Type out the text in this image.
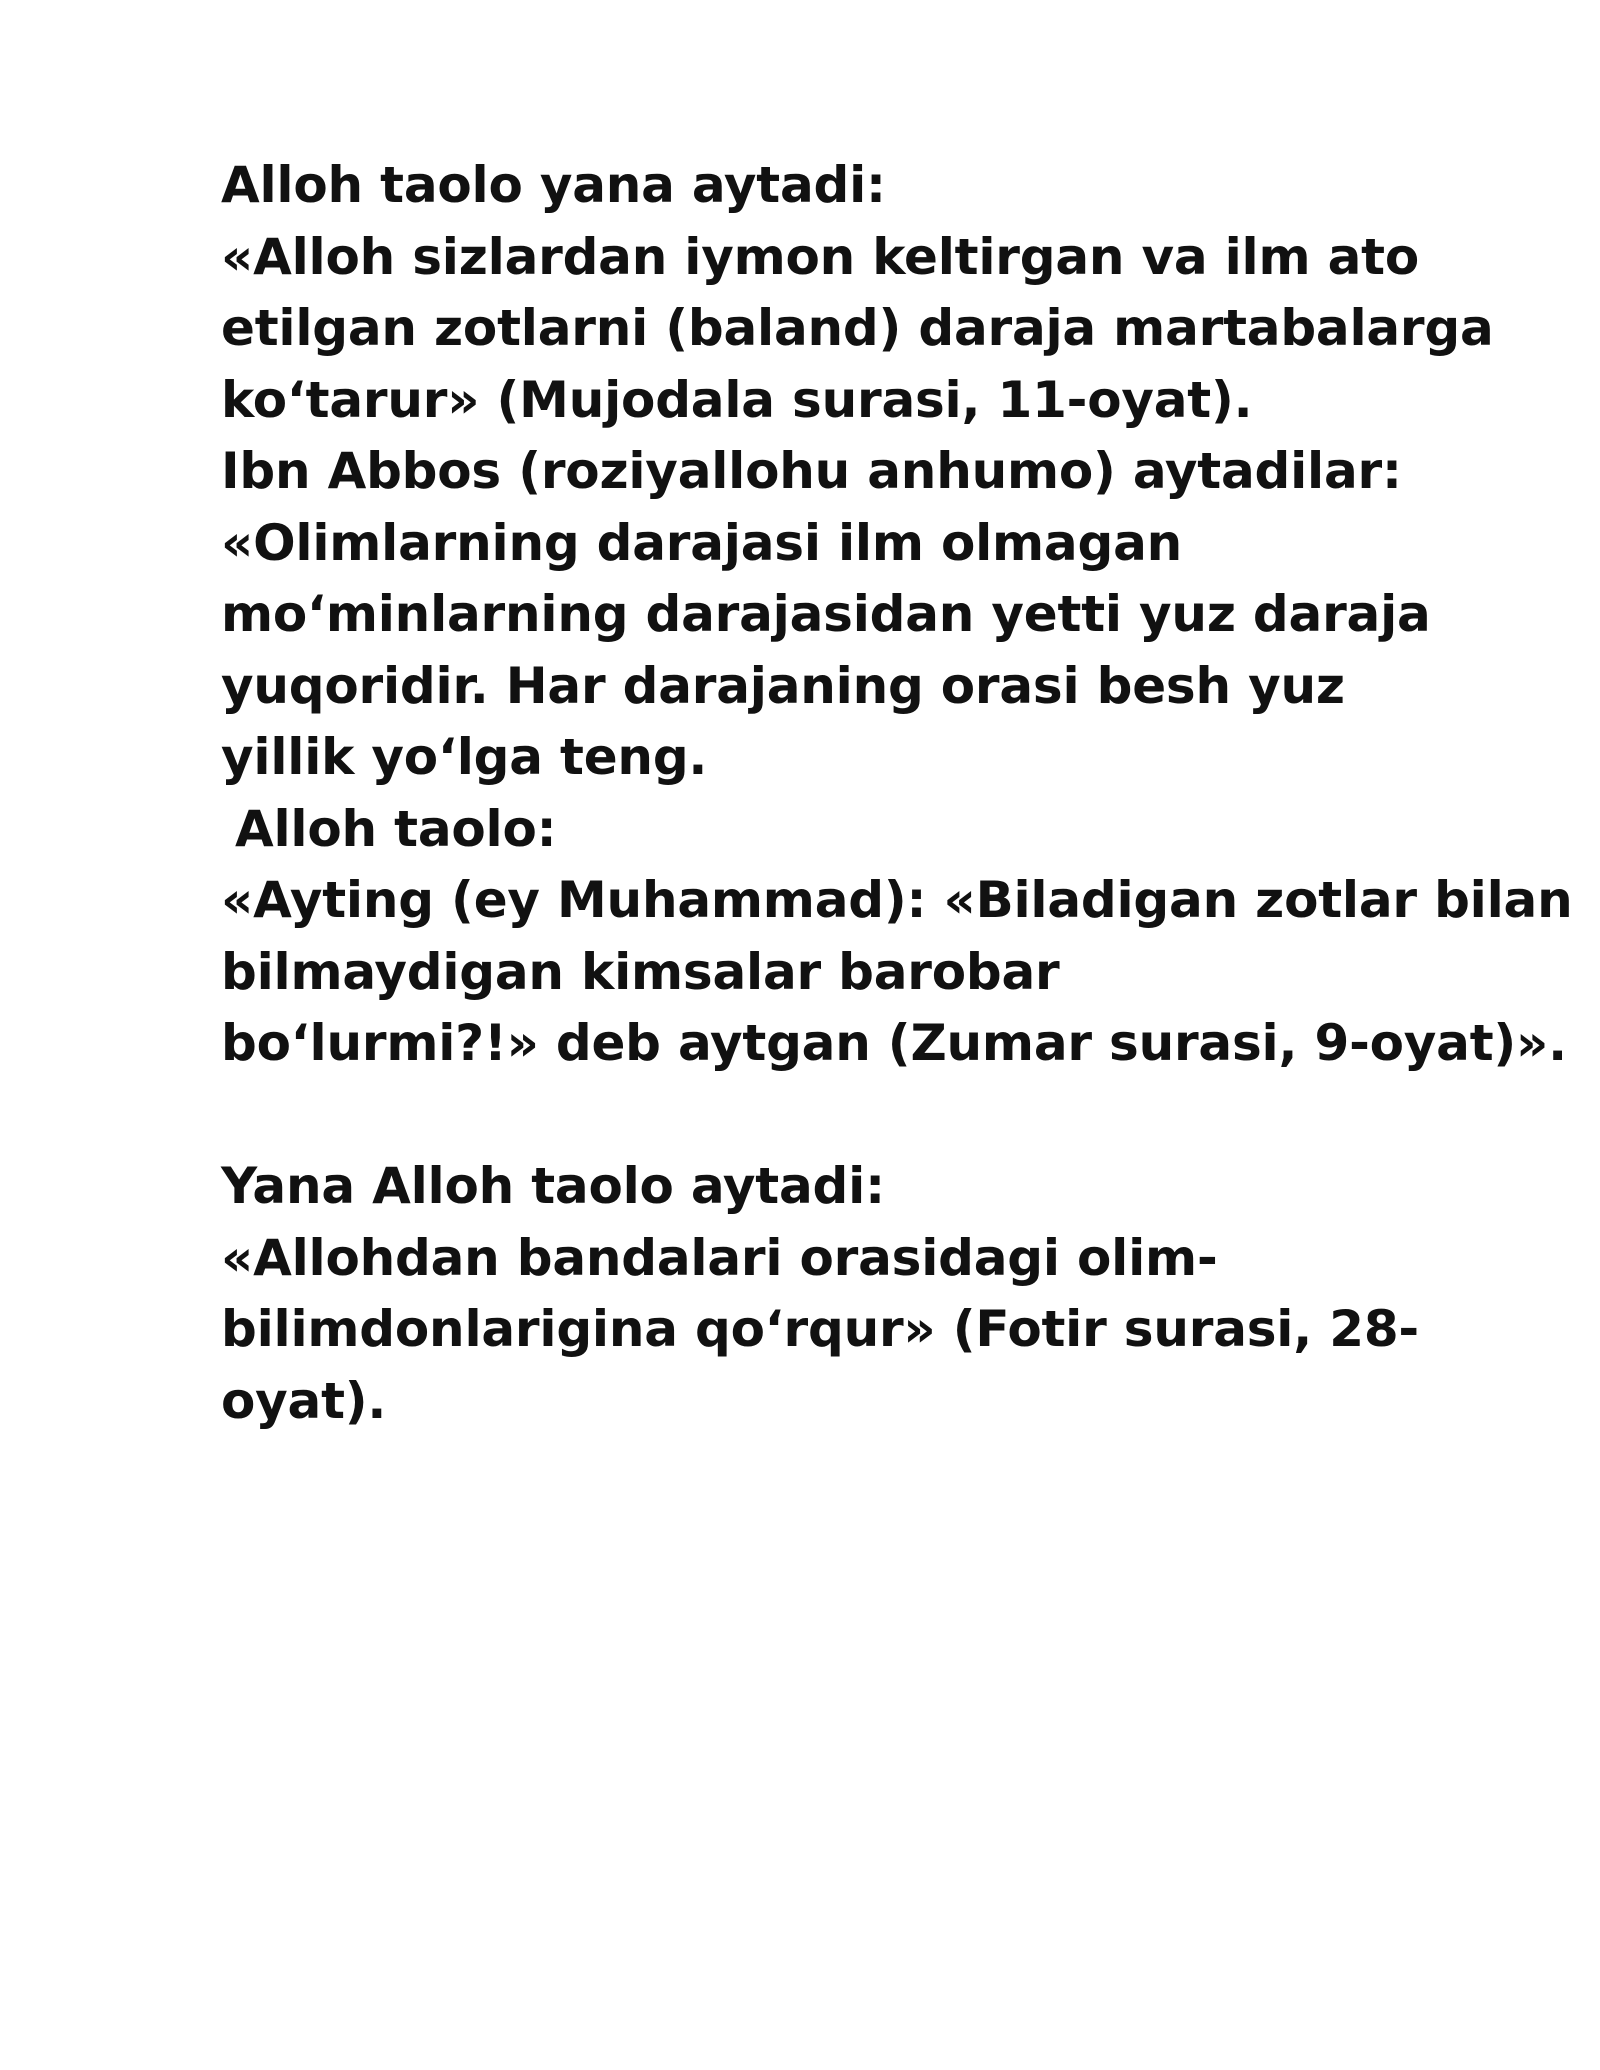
Alloh taolo yana aytadi:
«Alloh sizlardan iymon keltirgan va ilm ato
etilgan zotlarni (baland) daraja martabalarga
ko‘tarur» (Mujodala surasi, 11-oyat).
Ibn Abbos (roziyallohu anhumo) aytadilar:
«Olimlarning darajasi ilm olmagan
mo‘minlarning darajasidan yetti yuz daraja
yuqoridir. Har darajaning orasi besh yuz
yillik yo‘lga teng.
Alloh taolo:
«Ayting (ey Muhammad): «Biladigan zotlar bilan
bilmaydigan kimsalar barobar
bo‘lurmi?!» deb aytgan (Zumar surasi, 9-oyat)».
Yana Alloh taolo aytadi:
«Allohdan bandalari orasidagi olim-
bilimdonlarigina qo‘rqur» (Fotir surasi, 28-
oyat).
